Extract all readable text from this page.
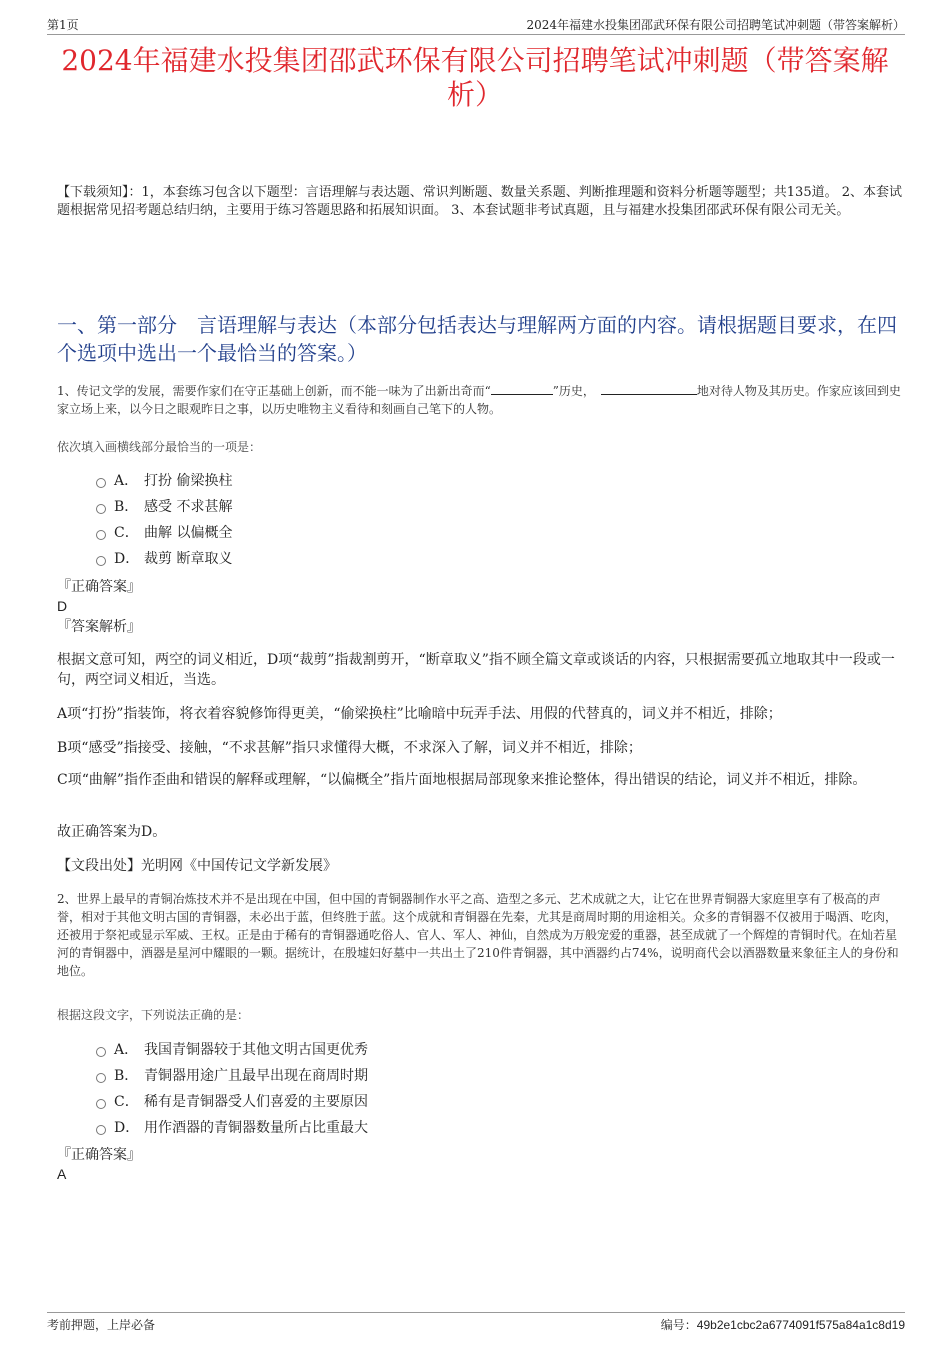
第1页	2024年福建水投集团邵武环保有限公司招聘笔试冲刺题（带答案解析）
2024年福建水投集团邵武环保有限公司招聘笔试冲刺题（带答案解析）
【下载须知】：1，本套练习包含以下题型：言语理解与表达题、常识判断题、数量关系题、判断推理题和资料分析题等题型；共135道。 2、本套试题根据常见招考题总结归纳，主要用于练习答题思路和拓展知识面。 3、本套试题非考试真题，且与福建水投集团邵武环保有限公司无关。
一、第一部分　言语理解与表达（本部分包括表达与理解两方面的内容。请根据题目要求，在四个选项中选出一个最恰当的答案。）
1、传记文学的发展，需要作家们在守正基础上创新，而不能一味为了出新出奇而“	”历史，	地对待人物及其历史。作家应该回到史家立场上来，以今日之眼观昨日之事，以历史唯物主义看待和刻画自己笔下的人物。
依次填入画横线部分最恰当的一项是：
A． 打扮 偷梁换柱
B． 感受 不求甚解
C． 曲解 以偏概全
D． 裁剪 断章取义
『正确答案』
D
『答案解析』
根据文意可知，两空的词义相近，D项“裁剪”指裁割剪开，“断章取义”指不顾全篇文章或谈话的内容，只根据需要孤立地取其中一段或一句，两空词义相近，当选。
A项“打扮”指装饰，将衣着容貌修饰得更美，“偷梁换柱”比喻暗中玩弄手法、用假的代替真的，词义并不相近，排除；
B项“感受”指接受、接触，“不求甚解”指只求懂得大概，不求深入了解，词义并不相近，排除；
C项“曲解”指作歪曲和错误的解释或理解，“以偏概全”指片面地根据局部现象来推论整体，得出错误的结论，词义并不相近，排除。
故正确答案为D。
【文段出处】光明网《中国传记文学新发展》
2、世界上最早的青铜冶炼技术并不是出现在中国，但中国的青铜器制作水平之高、造型之多元、艺术成就之大，让它在世界青铜器大家庭里享有了极高的声誉，相对于其他文明古国的青铜器，未必出于蓝，但终胜于蓝。这个成就和青铜器在先秦，尤其是商周时期的用途相关。众多的青铜器不仅被用于喝酒、吃肉，还被用于祭祀或显示军威、王权。正是由于稀有的青铜器通吃俗人、官人、军人、神仙，自然成为万般宠爱的重器，甚至成就了一个辉煌的青铜时代。在灿若星河的青铜器中，酒器是星河中耀眼的一颗。据统计，在殷墟妇好墓中一共出土了210件青铜器，其中酒器约占74%，说明商代会以酒器数量来象征主人的身份和地位。
根据这段文字，下列说法正确的是：
A． 我国青铜器较于其他文明古国更优秀
B． 青铜器用途广且最早出现在商周时期
C． 稀有是青铜器受人们喜爱的主要原因
D． 用作酒器的青铜器数量所占比重最大
『正确答案』
A
考前押题，上岸必备	编号：49b2e1cbc2a6774091f575a84a1c8d19
